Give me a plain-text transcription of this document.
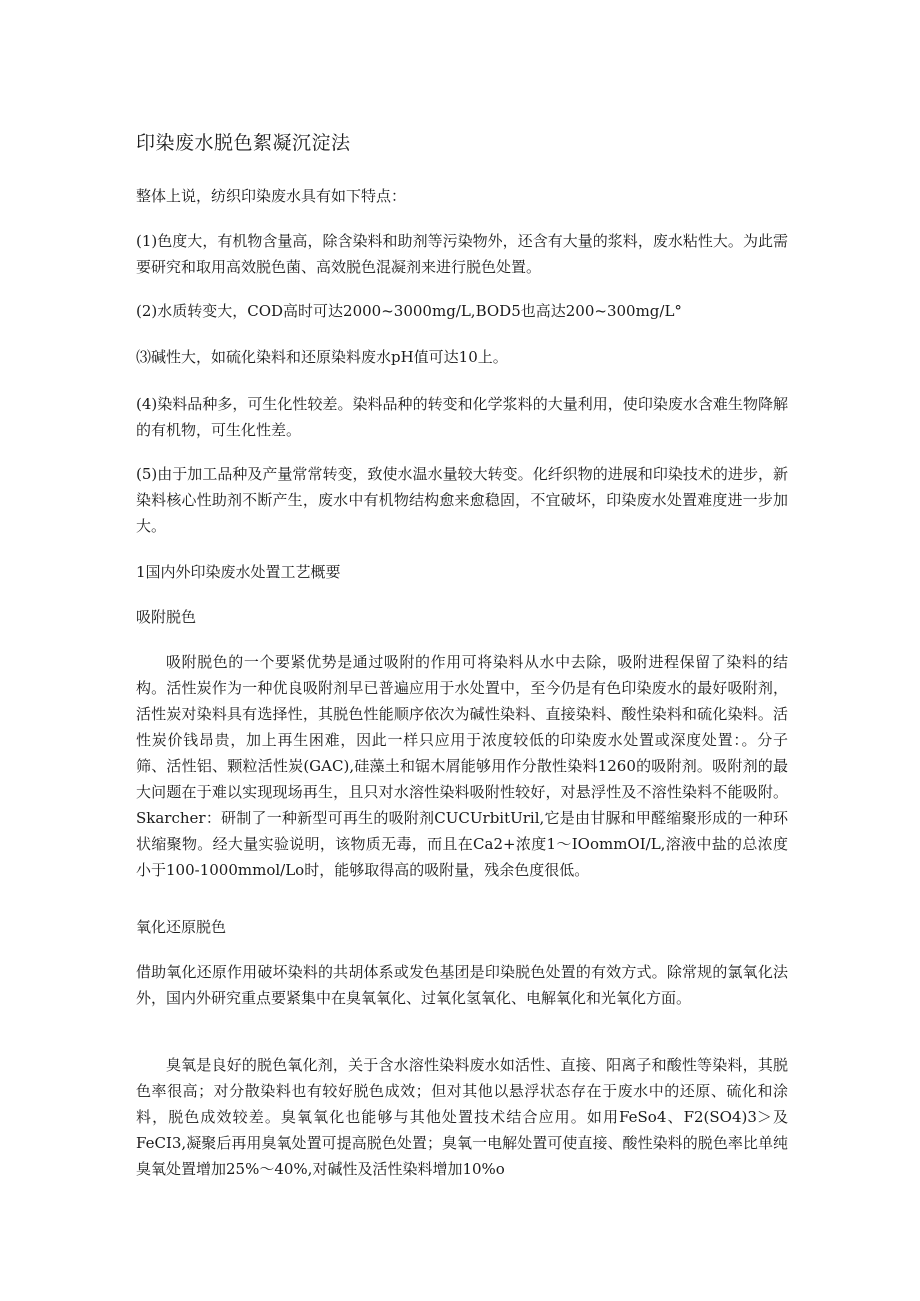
印染废水脱色絮凝沉淀法

整体上说，纺织印染废水具有如下特点：

(1)色度大，有机物含量高，除含染料和助剂等污染物外，还含有大量的浆料，废水粘性大。为此需要研究和取用高效脱色菌、高效脱色混凝剂来进行脱色处置。

(2)水质转变大，COD高时可达2000~3000mg/L,BOD5也高达200~300mg/L°

⑶碱性大，如硫化染料和还原染料废水pH值可达10上。

(4)染料品种多，可生化性较差。染料品种的转变和化学浆料的大量利用，使印染废水含难生物降解的有机物，可生化性差。

(5)由于加工品种及产量常常转变，致使水温水量较大转变。化纤织物的进展和印染技术的进步，新染料核心性助剂不断产生，废水中有机物结构愈来愈稳固，不宜破坏，印染废水处置难度进一步加大。

1国内外印染废水处置工艺概要
吸附脱色

吸附脱色的一个要紧优势是通过吸附的作用可将染料从水中去除，吸附进程保留了染料的结构。活性炭作为一种优良吸附剂早已普遍应用于水处置中，至今仍是有色印染废水的最好吸附剂，活性炭对染料具有选择性，其脱色性能顺序依次为碱性染料、直接染料、酸性染料和硫化染料。活性炭价钱昂贵，加上再生困难，因此一样只应用于浓度较低的印染废水处置或深度处置：。分子筛、活性铝、颗粒活性炭(GAC),硅藻土和锯木屑能够用作分散性染料1260的吸附剂。吸附剂的最大问题在于难以实现现场再生，且只对水溶性染料吸附性较好，对悬浮性及不溶性染料不能吸附。Skarcher：研制了一种新型可再生的吸附剂CUCUrbitUril,它是由甘脲和甲醛缩聚形成的一种环状缩聚物。经大量实验说明，该物质无毒，而且在Ca2+浓度1～IOommOI/L,溶液中盐的总浓度小于100-1000mmol/Lo时，能够取得高的吸附量，残余色度很低。

氧化还原脱色

借助氧化还原作用破坏染料的共胡体系或发色基团是印染脱色处置的有效方式。除常规的氯氧化法外，国内外研究重点要紧集中在臭氧氧化、过氧化氢氧化、电解氧化和光氧化方面。

臭氧是良好的脱色氧化剂，关于含水溶性染料废水如活性、直接、阳离子和酸性等染料，其脱色率很高；对分散染料也有较好脱色成效；但对其他以悬浮状态存在于废水中的还原、硫化和涂料，脱色成效较差。臭氧氧化也能够与其他处置技术结合应用。如用FeSo4、F2(SO4)3＞及FeCI3,凝聚后再用臭氧处置可提高脱色处置；臭氧一电解处置可使直接、酸性染料的脱色率比单纯臭氧处置增加25%～40%,对碱性及活性染料增加10%o
